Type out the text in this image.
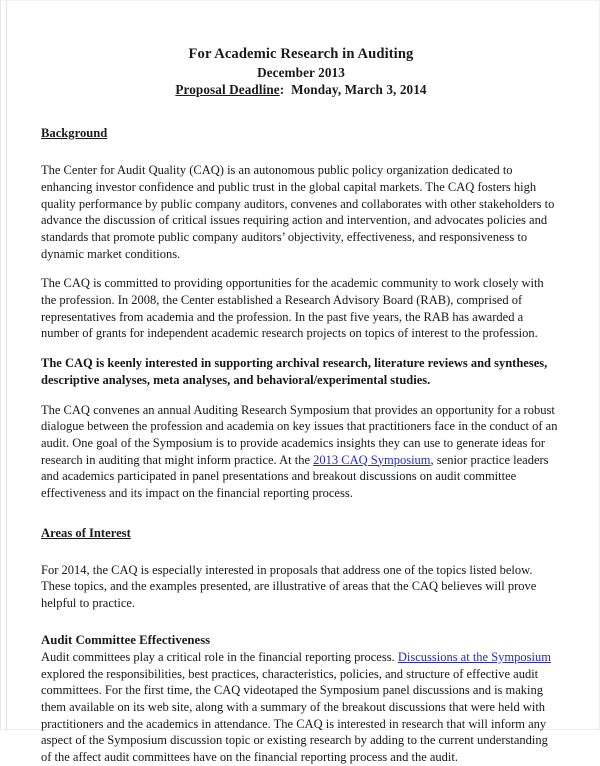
For Academic Research in Auditing
December 2013
Proposal Deadline: Monday, March 3, 2014
Background

The Center for Audit Quality (CAQ) is an autonomous public policy organization dedicated to enhancing investor confidence and public trust in the global capital markets. The CAQ fosters high quality performance by public company auditors, convenes and collaborates with other stakeholders to advance the discussion of critical issues requiring action and intervention, and advocates policies and standards that promote public company auditors’ objectivity, effectiveness, and responsiveness to dynamic market conditions.

The CAQ is committed to providing opportunities for the academic community to work closely with the profession. In 2008, the Center established a Research Advisory Board (RAB), comprised of representatives from academia and the profession. In the past five years, the RAB has awarded a number of grants for independent academic research projects on topics of interest to the profession.

The CAQ is keenly interested in supporting archival research, literature reviews and syntheses, descriptive analyses, meta analyses, and behavioral/experimental studies.

The CAQ convenes an annual Auditing Research Symposium that provides an opportunity for a robust dialogue between the profession and academia on key issues that practitioners face in the conduct of an audit. One goal of the Symposium is to provide academics insights they can use to generate ideas for research in auditing that might inform practice. At the 2013 CAQ Symposium, senior practice leaders and academics participated in panel presentations and breakout discussions on audit committee effectiveness and its impact on the financial reporting process.

Areas of Interest

For 2014, the CAQ is especially interested in proposals that address one of the topics listed below. These topics, and the examples presented, are illustrative of areas that the CAQ believes will prove helpful to practice.

Audit Committee Effectiveness

Audit committees play a critical role in the financial reporting process. Discussions at the Symposium explored the responsibilities, best practices, characteristics, policies, and structure of effective audit committees. For the first time, the CAQ videotaped the Symposium panel discussions and is making them available on its web site, along with a summary of the breakout discussions that were held with practitioners and the academics in attendance. The CAQ is interested in research that will inform any aspect of the Symposium discussion topic or existing research by adding to the current understanding of the affect audit committees have on the financial reporting process and the audit.
